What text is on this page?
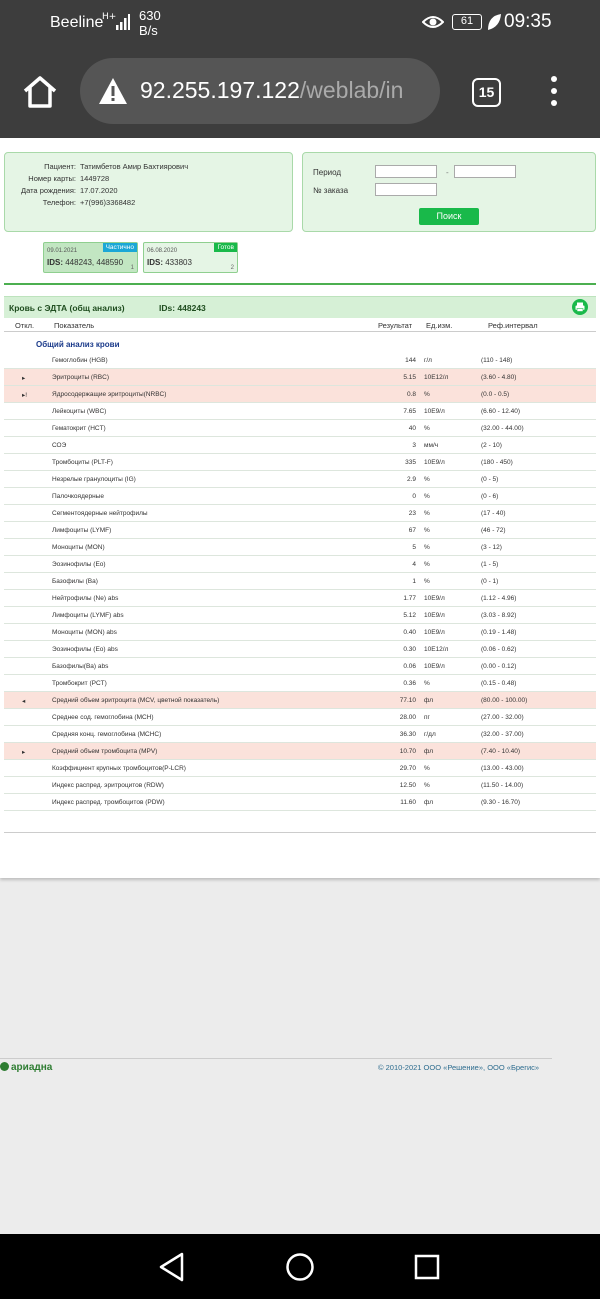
Beeline
H+ 630
B/s
61	09:35
92.255.197.122/weblab/in	15
Пациент: Татимбетов Амир Бахтиярович
Номер карты: 1449728
Дата рождения: 17.07.2020
Телефон: +7(996)3368482
Период	-
№ заказа
Поиск
09.01.2021	Частично
IDS: 448243, 448590
1
06.08.2020	Готов
IDS: 433803
2
Кровь с ЭДТА (общ анализ)	IDs: 448243
Откл.	Показатель	Результат Ед.изм.	Реф.интервал
Общий анализ крови
Гемоглобин (HGB)	144 г/л	(110 - 148)
▸	Эритроциты (RBC)	5.15 10E12/л	(3.60 - 4.80)
▸!	Ядросодержащие эритроциты(NRBC)	0.8 %	(0.0 - 0.5)
Лейкоциты (WBC)	7.65 10E9/л	(6.60 - 12.40)
Гематокрит (HCT)	40 %	(32.00 - 44.00)
СОЭ	3 мм/ч	(2 - 10)
Тромбоциты (PLT-F)	335 10E9/л	(180 - 450)
Незрелые гранулоциты (IG)	2.9 %	(0 - 5)
Палочкоядерные	0 %	(0 - 6)
Сегментоядерные нейтрофилы	23 %	(17 - 40)
Лимфоциты (LYMF)	67 %	(46 - 72)
Моноциты (MON)	5 %	(3 - 12)
Эозинофилы (Eo)	4 %	(1 - 5)
Базофилы (Ba)	1 %	(0 - 1)
Нейтрофилы (Ne) abs	1.77 10E9/л	(1.12 - 4.96)
Лимфоциты (LYMF) abs	5.12 10E9/л	(3.03 - 8.92)
Моноциты (MON) abs	0.40 10E9/л	(0.19 - 1.48)
Эозинофилы (Eo) abs	0.30 10E12/л	(0.06 - 0.62)
Базофилы(Ba) abs	0.06 10E9/л	(0.00 - 0.12)
Тромбокрит (PCT)	0.36 %	(0.15 - 0.48)
◂	Средний объем эритроцита (MCV, цветной показатель)	77.10 фл	(80.00 - 100.00)
Среднее сод. гемоглобина (MCH)	28.00 пг	(27.00 - 32.00)
Средняя конц. гемоглобина (MCHC)	36.30 г/дл	(32.00 - 37.00)
▸	Средний объем тромбоцита (MPV)	10.70 фл	(7.40 - 10.40)
Коэффициент крупных тромбоцитов(P-LCR)	29.70 %	(13.00 - 43.00)
Индекс распред. эритроцитов (RDW)	12.50 %	(11.50 - 14.00)
Индекс распред. тромбоцитов (PDW)	11.60 фл	(9.30 - 16.70)
ариадна	© 2010-2021 ООО «Решение», ООО «Брегис»
